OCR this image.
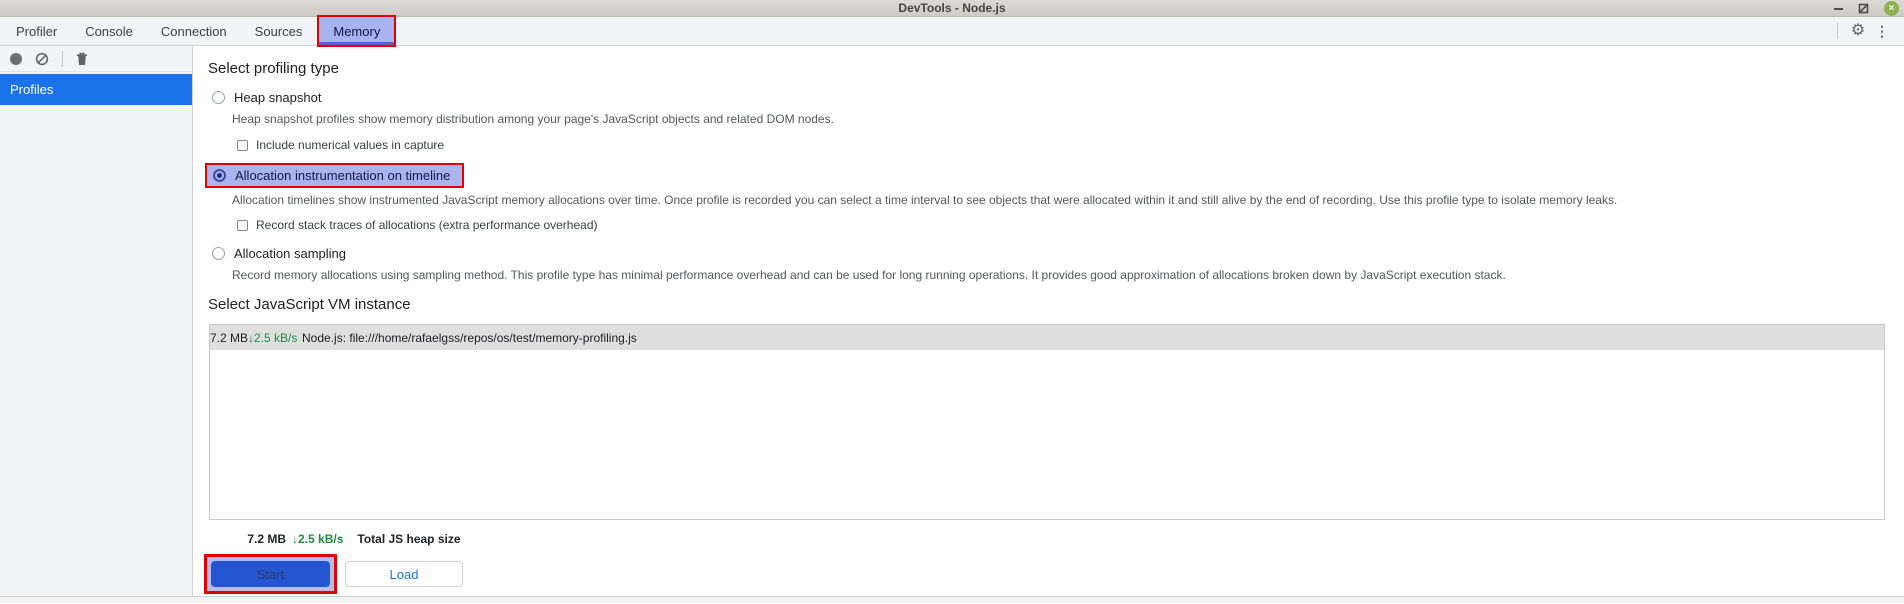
DevTools - Node.js	×
Profiler	Console	Connection	Sources	Memory	⚙ ⋮
Profiles
Select profiling type
Heap snapshot
Heap snapshot profiles show memory distribution among your page's JavaScript objects and related DOM nodes.
Include numerical values in capture
Allocation instrumentation on timeline
Allocation timelines show instrumented JavaScript memory allocations over time. Once profile is recorded you can select a time interval to see objects that were allocated within it and still alive by the end of recording. Use this profile type to isolate memory leaks.
Record stack traces of allocations (extra performance overhead)
Allocation sampling
Record memory allocations using sampling method. This profile type has minimal performance overhead and can be used for long running operations. It provides good approximation of allocations broken down by JavaScript execution stack.
Select JavaScript VM instance
7.2 MB ↓2.5 kB/s Node.js: file:///home/rafaelgss/repos/os/test/memory-profiling.js
7.2 MB ↓2.5 kB/s Total JS heap size
Start	Load
